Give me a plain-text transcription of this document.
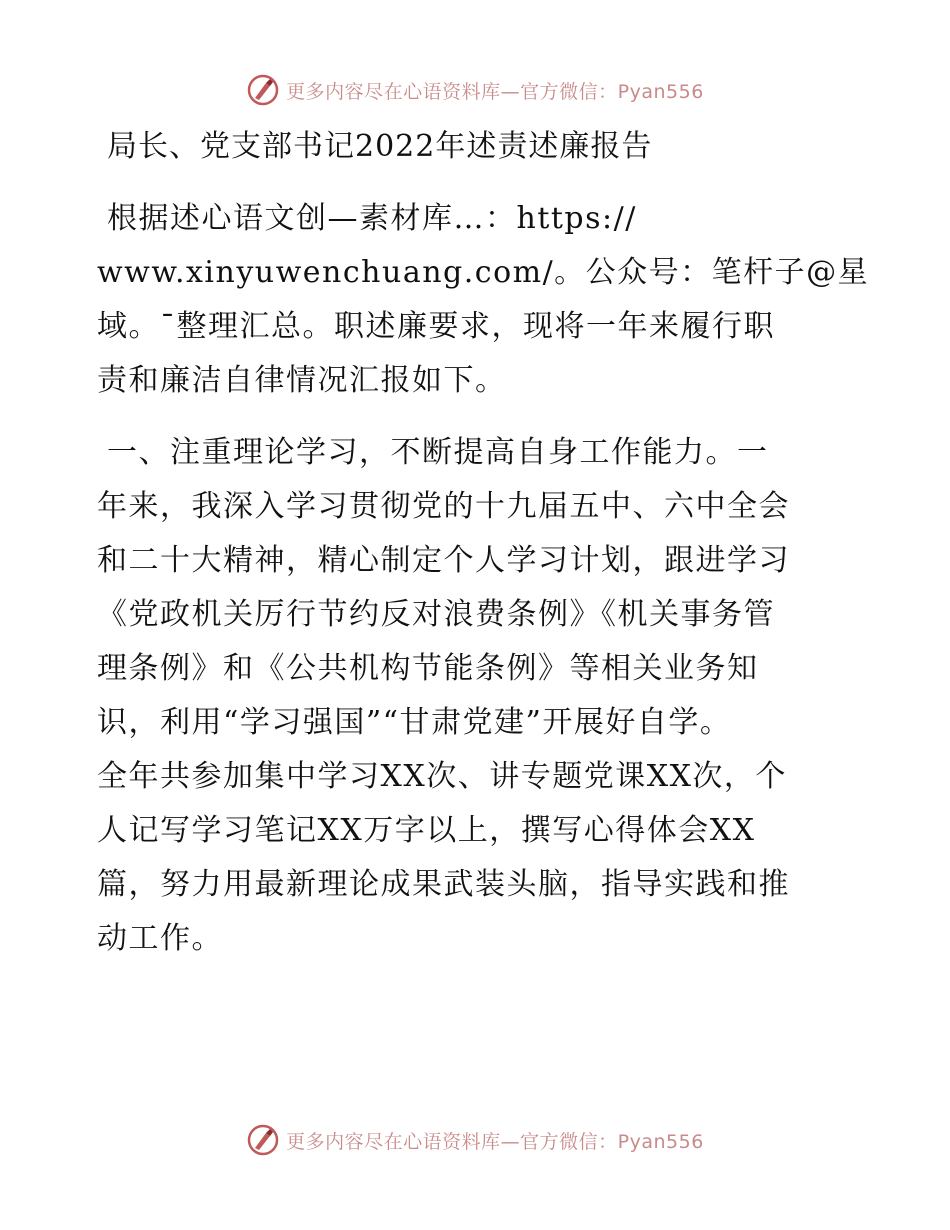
更多内容尽在心语资料库—官方微信：Pyan556
局长、党支部书记2022年述责述廉报告
根据述心语文创—素材库…：https://
www.xinyuwenchuang.com/。公众号：笔杆子@星
域。¯整理汇总。职述廉要求，现将一年来履行职
责和廉洁自律情况汇报如下。
一、注重理论学习，不断提高自身工作能力。一
年来，我深入学习贯彻党的十九届五中、六中全会
和二十大精神，精心制定个人学习计划，跟进学习
《党政机关厉行节约反对浪费条例》《机关事务管
理条例》和《公共机构节能条例》等相关业务知
识，利用“学习强国”“甘肃党建”开展好自学。
全年共参加集中学习XX次、讲专题党课XX次，个
人记写学习笔记XX万字以上，撰写心得体会XX
篇，努力用最新理论成果武装头脑，指导实践和推
动工作。
更多内容尽在心语资料库—官方微信：Pyan556
